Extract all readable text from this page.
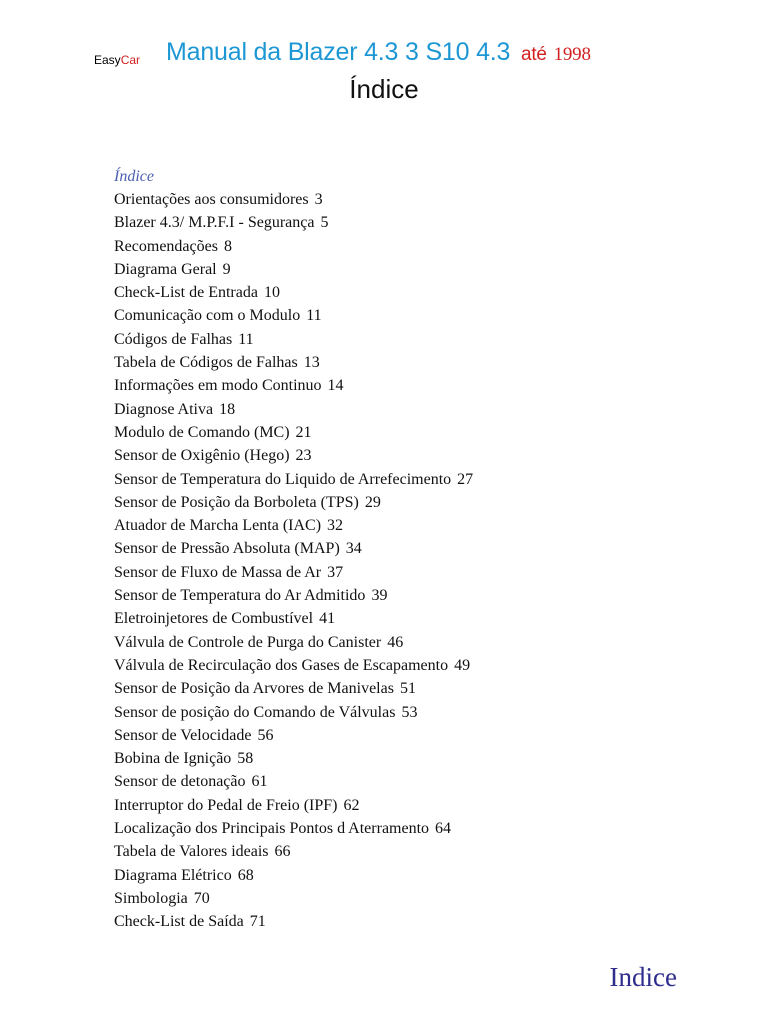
EasyCar Manual da Blazer 4.3 3 S10 4.3 até 1998
Índice
Índice
Orientações aos consumidores 3
Blazer 4.3/ M.P.F.I - Segurança 5
Recomendações 8
Diagrama Geral 9
Check-List de Entrada 10
Comunicação com o Modulo 11
Códigos de Falhas 11
Tabela de Códigos de Falhas 13
Informações em modo Continuo 14
Diagnose Ativa 18
Modulo de Comando (MC) 21
Sensor de Oxigênio (Hego) 23
Sensor de Temperatura do Liquido de Arrefecimento 27
Sensor de Posição da Borboleta (TPS) 29
Atuador de Marcha Lenta (IAC) 32
Sensor de Pressão Absoluta (MAP) 34
Sensor de Fluxo de Massa de Ar 37
Sensor de Temperatura do Ar Admitido 39
Eletroinjetores de Combustível 41
Válvula de Controle de Purga do Canister 46
Válvula de Recirculação dos Gases de Escapamento 49
Sensor de Posição da Arvores de Manivelas 51
Sensor de posição do Comando de Válvulas 53
Sensor de Velocidade 56
Bobina de Ignição 58
Sensor de detonação 61
Interruptor do Pedal de Freio (IPF) 62
Localização dos Principais Pontos d Aterramento 64
Tabela de Valores ideais 66
Diagrama Elétrico 68
Simbologia 70
Check-List de Saída 71
Indice
